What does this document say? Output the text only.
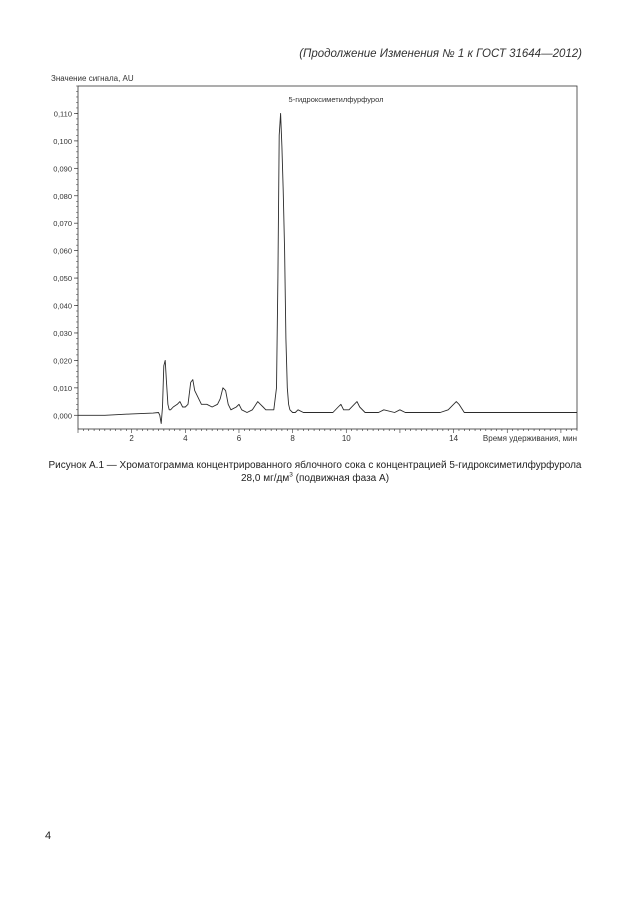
(Продолжение Изменения № 1 к ГОСТ 31644—2012)
Значение сигнала, AU
2	4	6	8	10	14	Время удерживания, мин
0,000
0,010
0,020
0,030
0,040
0,050
0,060
0,070
0,080
0,090
0,100
0,110
5-гидроксиметилфурфурол
Рисунок А.1 — Хроматограмма концентрированного яблочного сока с концентрацией 5-гидроксиметилфурфурола
28,0 $мг/дм^3$ (подвижная фаза А)
4
